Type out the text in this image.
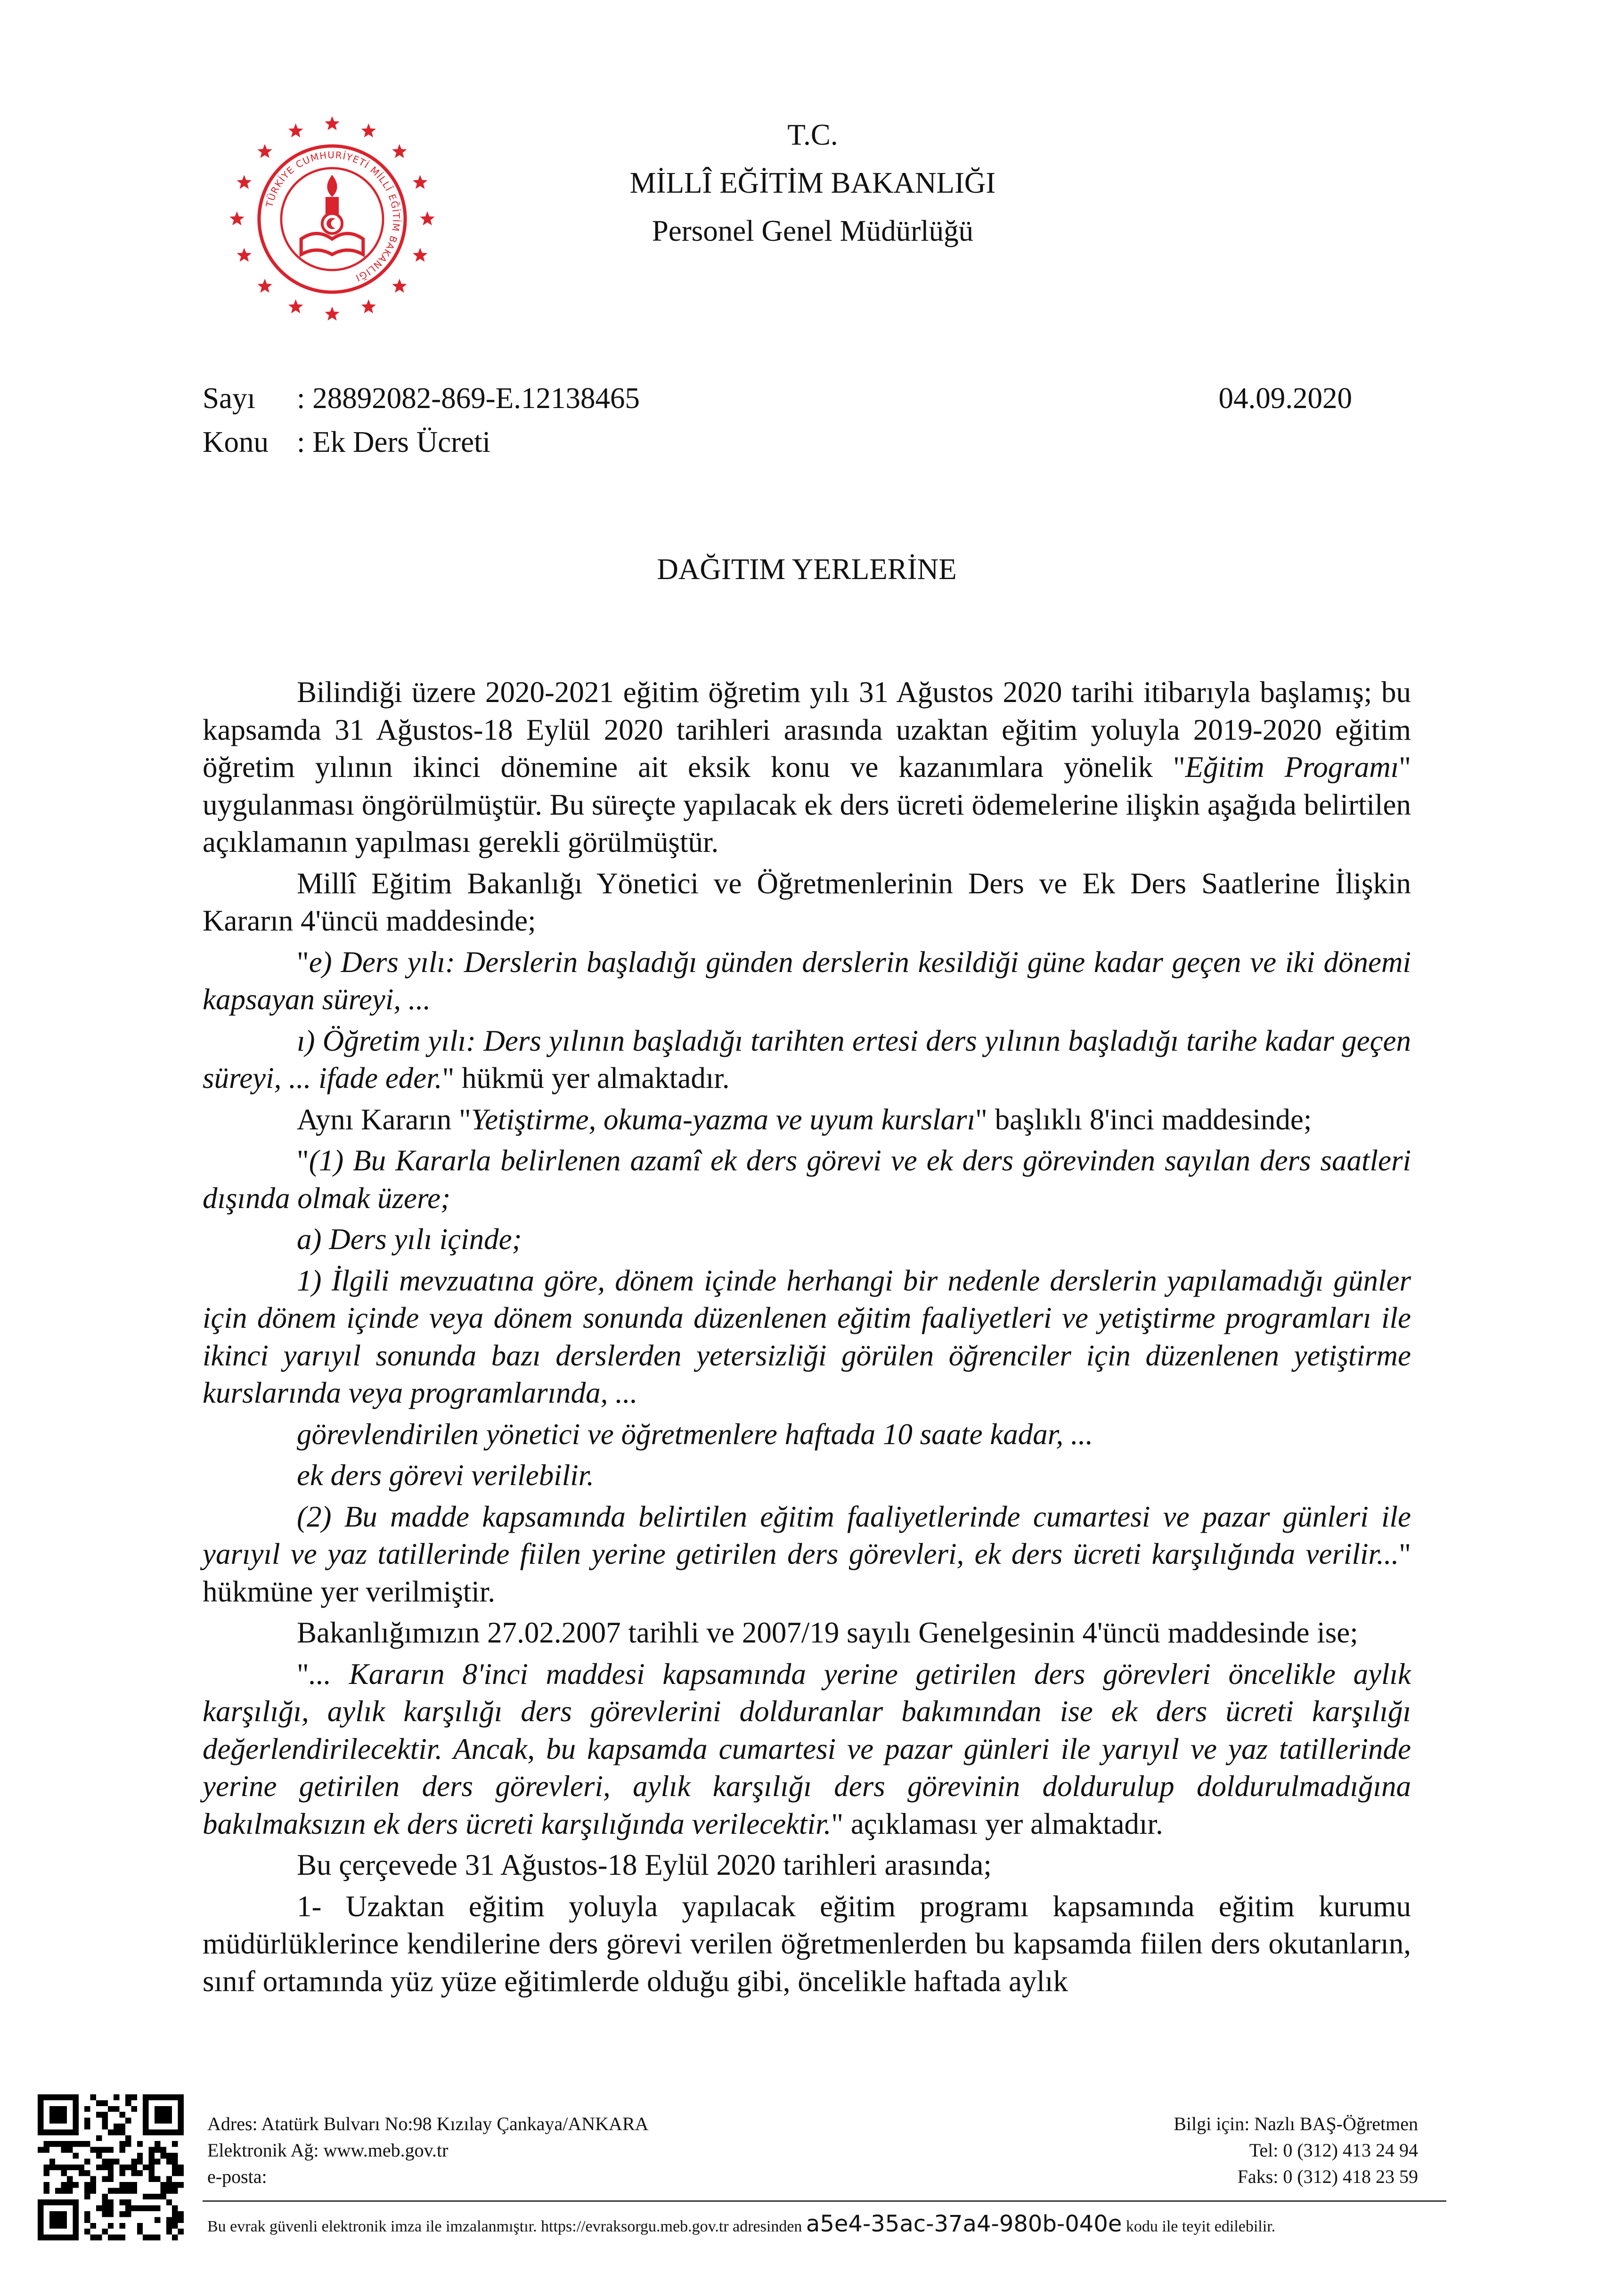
TÜRKİYE CUMHURİYETİ MİLLÎ EĞİTİM BAKANLIĞI
T.C.
MİLLÎ EĞİTİM BAKANLIĞI
Personel Genel Müdürlüğü
Sayı : 28892082-869-E.12138465	04.09.2020
Konu : Ek Ders Ücreti
DAĞITIM YERLERİNE

Bilindiği üzere 2020-2021 eğitim öğretim yılı 31 Ağustos 2020 tarihi itibarıyla başlamış; bu kapsamda 31 Ağustos-18 Eylül 2020 tarihleri arasında uzaktan eğitim yoluyla 2019-2020 eğitim öğretim yılının ikinci dönemine ait eksik konu ve kazanımlara yönelik "Eğitim Programı" uygulanması öngörülmüştür. Bu süreçte yapılacak ek ders ücreti ödemelerine ilişkin aşağıda belirtilen açıklamanın yapılması gerekli görülmüştür.

Millî Eğitim Bakanlığı Yönetici ve Öğretmenlerinin Ders ve Ek Ders Saatlerine İlişkin Kararın 4'üncü maddesinde;

"e) Ders yılı: Derslerin başladığı günden derslerin kesildiği güne kadar geçen ve iki dönemi kapsayan süreyi, ...

ı) Öğretim yılı: Ders yılının başladığı tarihten ertesi ders yılının başladığı tarihe kadar geçen süreyi, ... ifade eder." hükmü yer almaktadır.

Aynı Kararın "Yetiştirme, okuma-yazma ve uyum kursları" başlıklı 8'inci maddesinde;

"(1) Bu Kararla belirlenen azamî ek ders görevi ve ek ders görevinden sayılan ders saatleri dışında olmak üzere;

a) Ders yılı içinde;

1) İlgili mevzuatına göre, dönem içinde herhangi bir nedenle derslerin yapılamadığı günler için dönem içinde veya dönem sonunda düzenlenen eğitim faaliyetleri ve yetiştirme programları ile ikinci yarıyıl sonunda bazı derslerden yetersizliği görülen öğrenciler için düzenlenen yetiştirme kurslarında veya programlarında, ...

görevlendirilen yönetici ve öğretmenlere haftada 10 saate kadar, ...

ek ders görevi verilebilir.

(2) Bu madde kapsamında belirtilen eğitim faaliyetlerinde cumartesi ve pazar günleri ile yarıyıl ve yaz tatillerinde fiilen yerine getirilen ders görevleri, ek ders ücreti karşılığında verilir..." hükmüne yer verilmiştir.

Bakanlığımızın 27.02.2007 tarihli ve 2007/19 sayılı Genelgesinin 4'üncü maddesinde ise;

"... Kararın 8'inci maddesi kapsamında yerine getirilen ders görevleri öncelikle aylık karşılığı, aylık karşılığı ders görevlerini dolduranlar bakımından ise ek ders ücreti karşılığı değerlendirilecektir. Ancak, bu kapsamda cumartesi ve pazar günleri ile yarıyıl ve yaz tatillerinde yerine getirilen ders görevleri, aylık karşılığı ders görevinin doldurulup doldurulmadığına bakılmaksızın ek ders ücreti karşılığında verilecektir." açıklaması yer almaktadır.

Bu çerçevede 31 Ağustos-18 Eylül 2020 tarihleri arasında;

1- Uzaktan eğitim yoluyla yapılacak eğitim programı kapsamında eğitim kurumu müdürlüklerince kendilerine ders görevi verilen öğretmenlerden bu kapsamda fiilen ders okutanların, sınıf ortamında yüz yüze eğitimlerde olduğu gibi, öncelikle haftada aylık

Adres: Atatürk Bulvarı No:98 Kızılay Çankaya/ANKARA
Elektronik Ağ: www.meb.gov.tr
e-posta:
Bilgi için: Nazlı BAŞ-Öğretmen
Tel: 0 (312) 413 24 94
Faks: 0 (312) 418 23 59
Bu evrak güvenli elektronik imza ile imzalanmıştır. https://evraksorgu.meb.gov.tr adresinden a5e4-35ac-37a4-980b-040e kodu ile teyit edilebilir.
